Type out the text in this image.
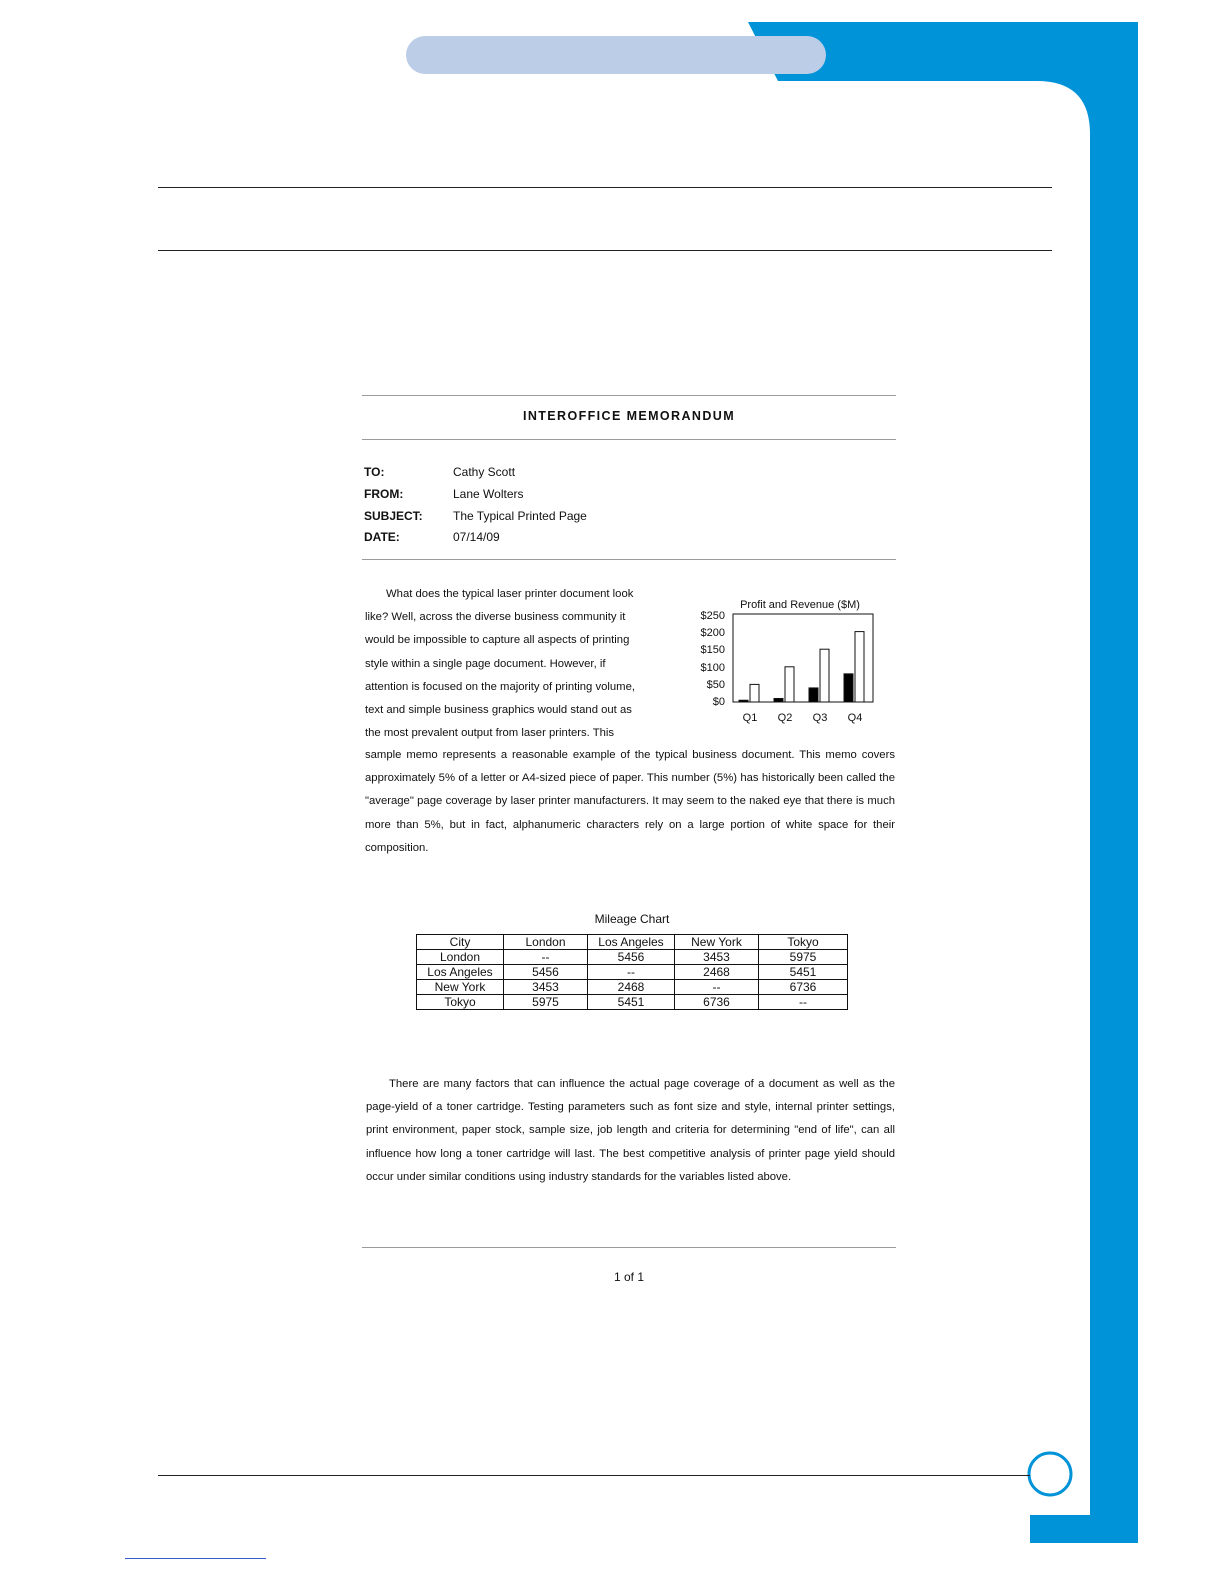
INTEROFFICE MEMORANDUM
TO:	Cathy Scott
FROM:	Lane Wolters
SUBJECT:	The Typical Printed Page
DATE:	07/14/09
What does the typical laser printer document look
like? Well, across the diverse business community it
would be impossible to capture all aspects of printing
style within a single page document. However, if
attention is focused on the majority of printing volume,
text and simple business graphics would stand out as
the most prevalent output from laser printers. This
sample memo represents a reasonable example of the typical business document. This memo covers approximately 5% of a letter or A4-sized piece of paper. This number (5%) has historically been called the "average" page coverage by laser printer manufacturers. It may seem to the naked eye that there is much more than 5%, but in fact, alphanumeric characters rely on a large portion of white space for their composition.
Profit and Revenue ($M)
$250
$200
$150
$100
$50
$0
Q1	Q2	Q3	Q4
Mileage Chart
City	London	Los Angeles	New York	Tokyo
London	--	5456	3453	5975
Los Angeles	5456	--	2468	5451
New York	3453	2468	--	6736
Tokyo	5975	5451	6736	--
There are many factors that can influence the actual page coverage of a document as well as the page-yield of a toner cartridge. Testing parameters such as font size and style, internal printer settings, print environment, paper stock, sample size, job length and criteria for determining "end of life", can all influence how long a toner cartridge will last. The best competitive analysis of printer page yield should occur under similar conditions using industry standards for the variables listed above.
1 of 1
